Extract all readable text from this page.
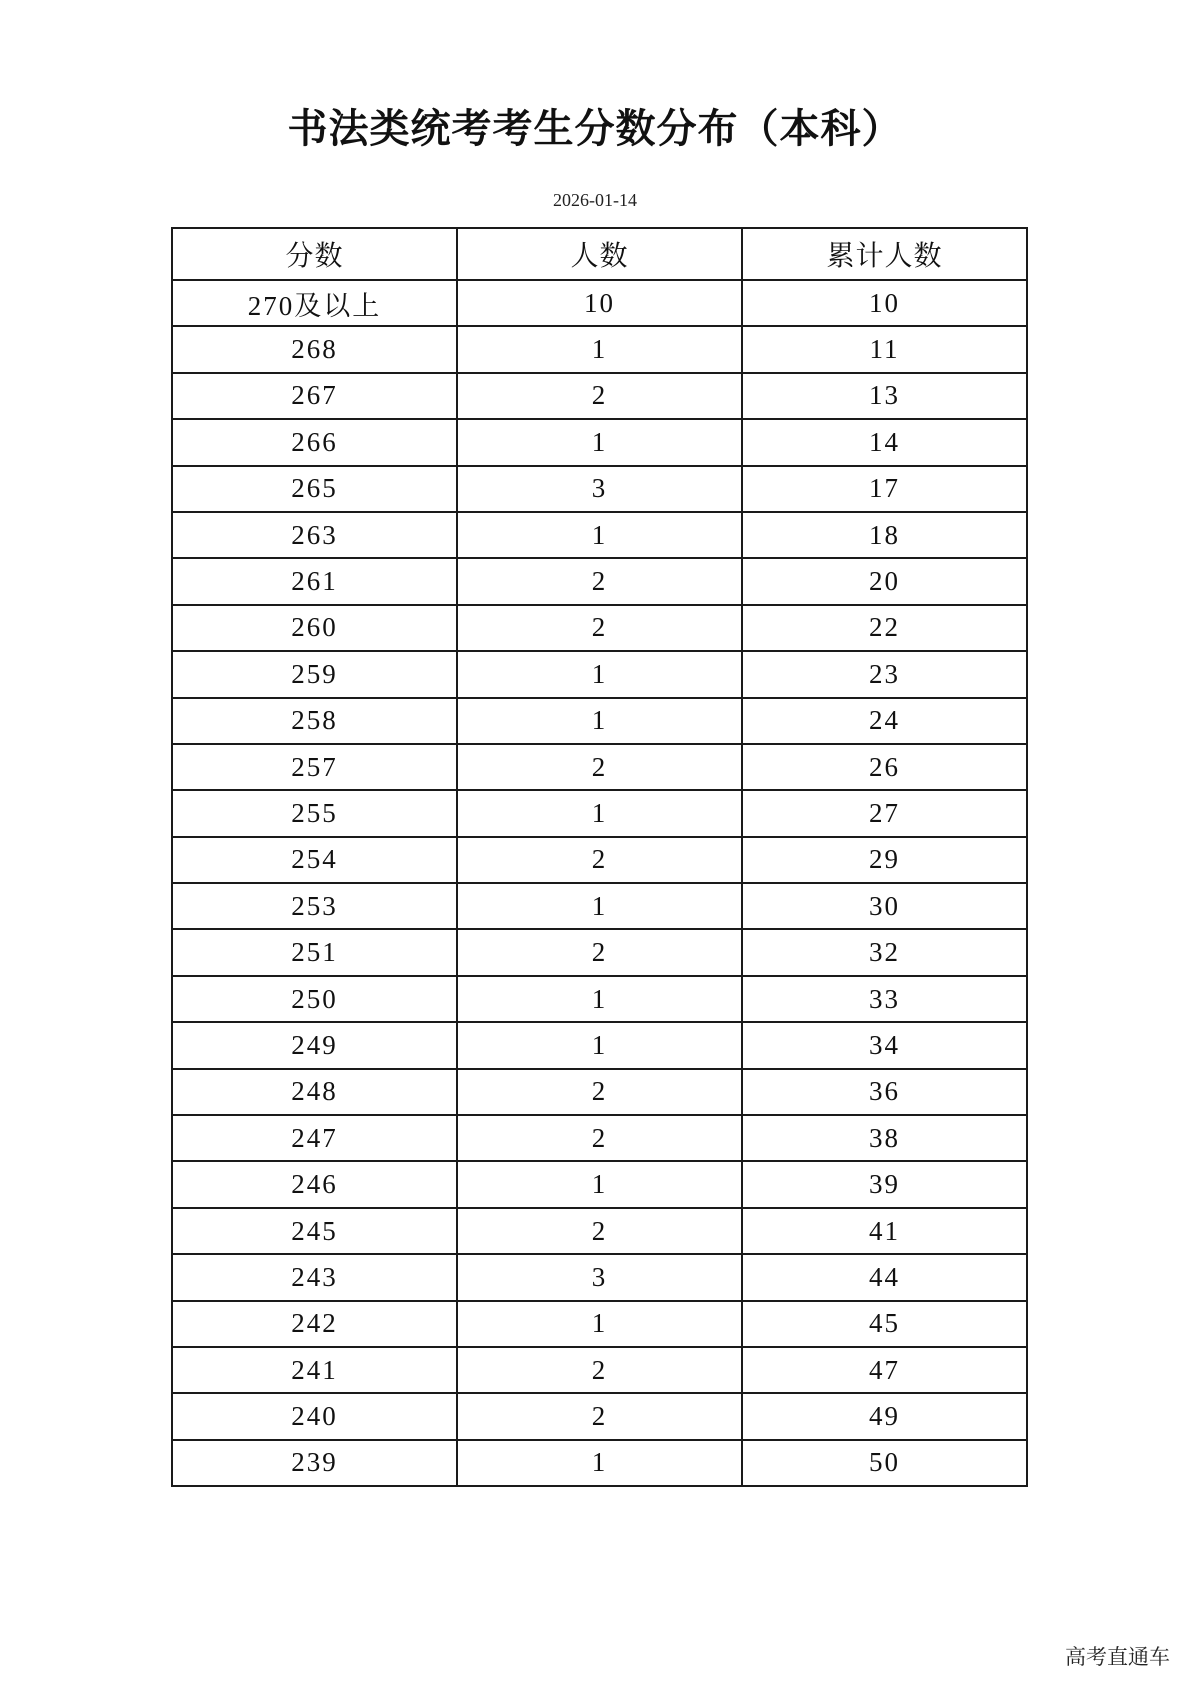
书法类统考考生分数分布（本科）
2026-01-14
分数	人数	累计人数
270及以上	10	10
268	1	11
267	2	13
266	1	14
265	3	17
263	1	18
261	2	20
260	2	22
259	1	23
258	1	24
257	2	26
255	1	27
254	2	29
253	1	30
251	2	32
250	1	33
249	1	34
248	2	36
247	2	38
246	1	39
245	2	41
243	3	44
242	1	45
241	2	47
240	2	49
239	1	50
高考直通车
